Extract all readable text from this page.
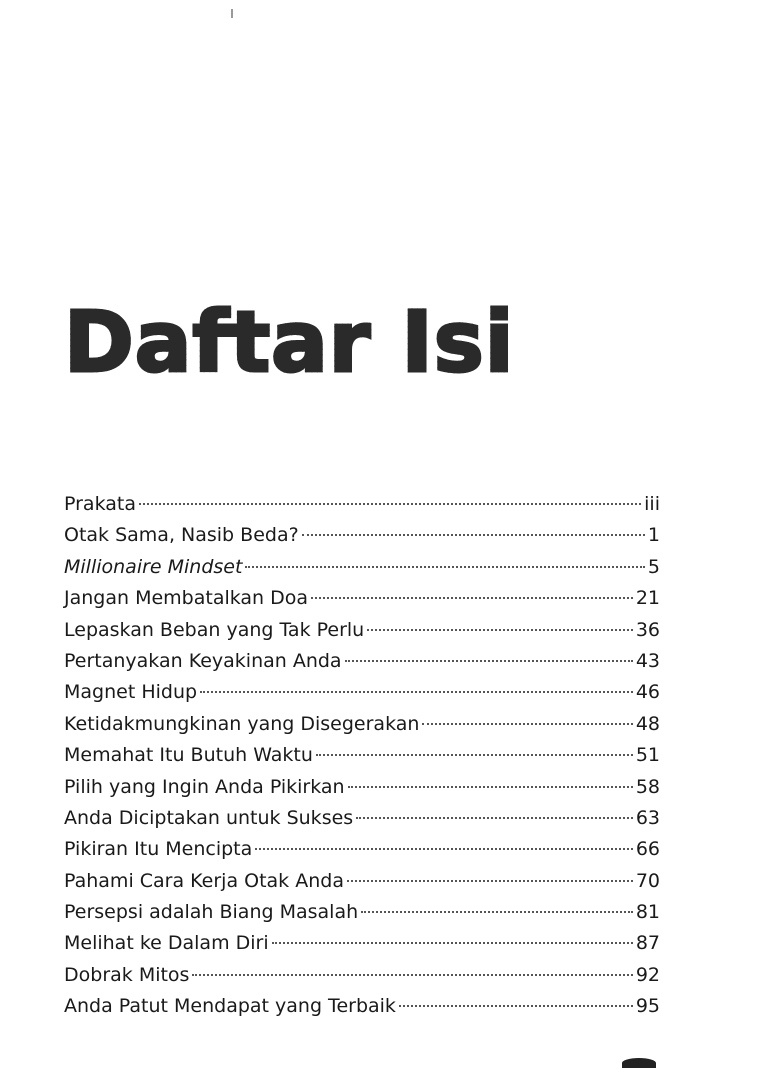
Daftar Isi
Prakata	iii
Otak Sama, Nasib Beda?	1
Millionaire Mindset	5
Jangan Membatalkan Doa	21
Lepaskan Beban yang Tak Perlu	36
Pertanyakan Keyakinan Anda	43
Magnet Hidup	46
Ketidakmungkinan yang Disegerakan	48
Memahat Itu Butuh Waktu	51
Pilih yang Ingin Anda Pikirkan	58
Anda Diciptakan untuk Sukses	63
Pikiran Itu Mencipta	66
Pahami Cara Kerja Otak Anda	70
Persepsi adalah Biang Masalah	81
Melihat ke Dalam Diri	87
Dobrak Mitos	92
Anda Patut Mendapat yang Terbaik	95
